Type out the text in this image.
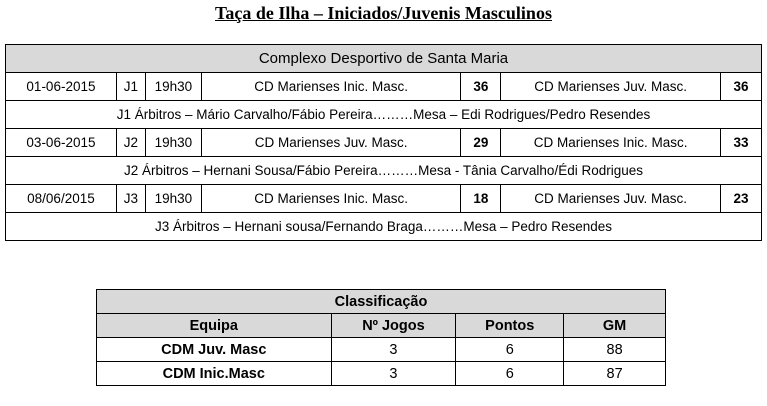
Taça de Ilha – Iniciados/Juvenis Masculinos
Complexo Desportivo de Santa Maria						
01-06-2015	J1	19h30	CD Marienses Inic. Masc.	36	CD Marienses Juv. Masc.	36
J1 Árbitros – Mário Carvalho/Fábio Pereira………Mesa – Edi Rodrigues/Pedro Resendes						
03-06-2015	J2	19h30	CD Marienses Juv. Masc.	29	CD Marienses Inic. Masc.	33
J2 Árbitros – Hernani Sousa/Fábio Pereira………Mesa - Tânia Carvalho/Édi Rodrigues						
08/06/2015	J3	19h30	CD Marienses Inic. Masc.	18	CD Marienses Juv. Masc.	23
J3 Árbitros – Hernani sousa/Fernando Braga………Mesa – Pedro Resendes						
Classificação			
Equipa	Nº Jogos	Pontos	GM
CDM Juv. Masc	3	6	88
CDM Inic.Masc	3	6	87
